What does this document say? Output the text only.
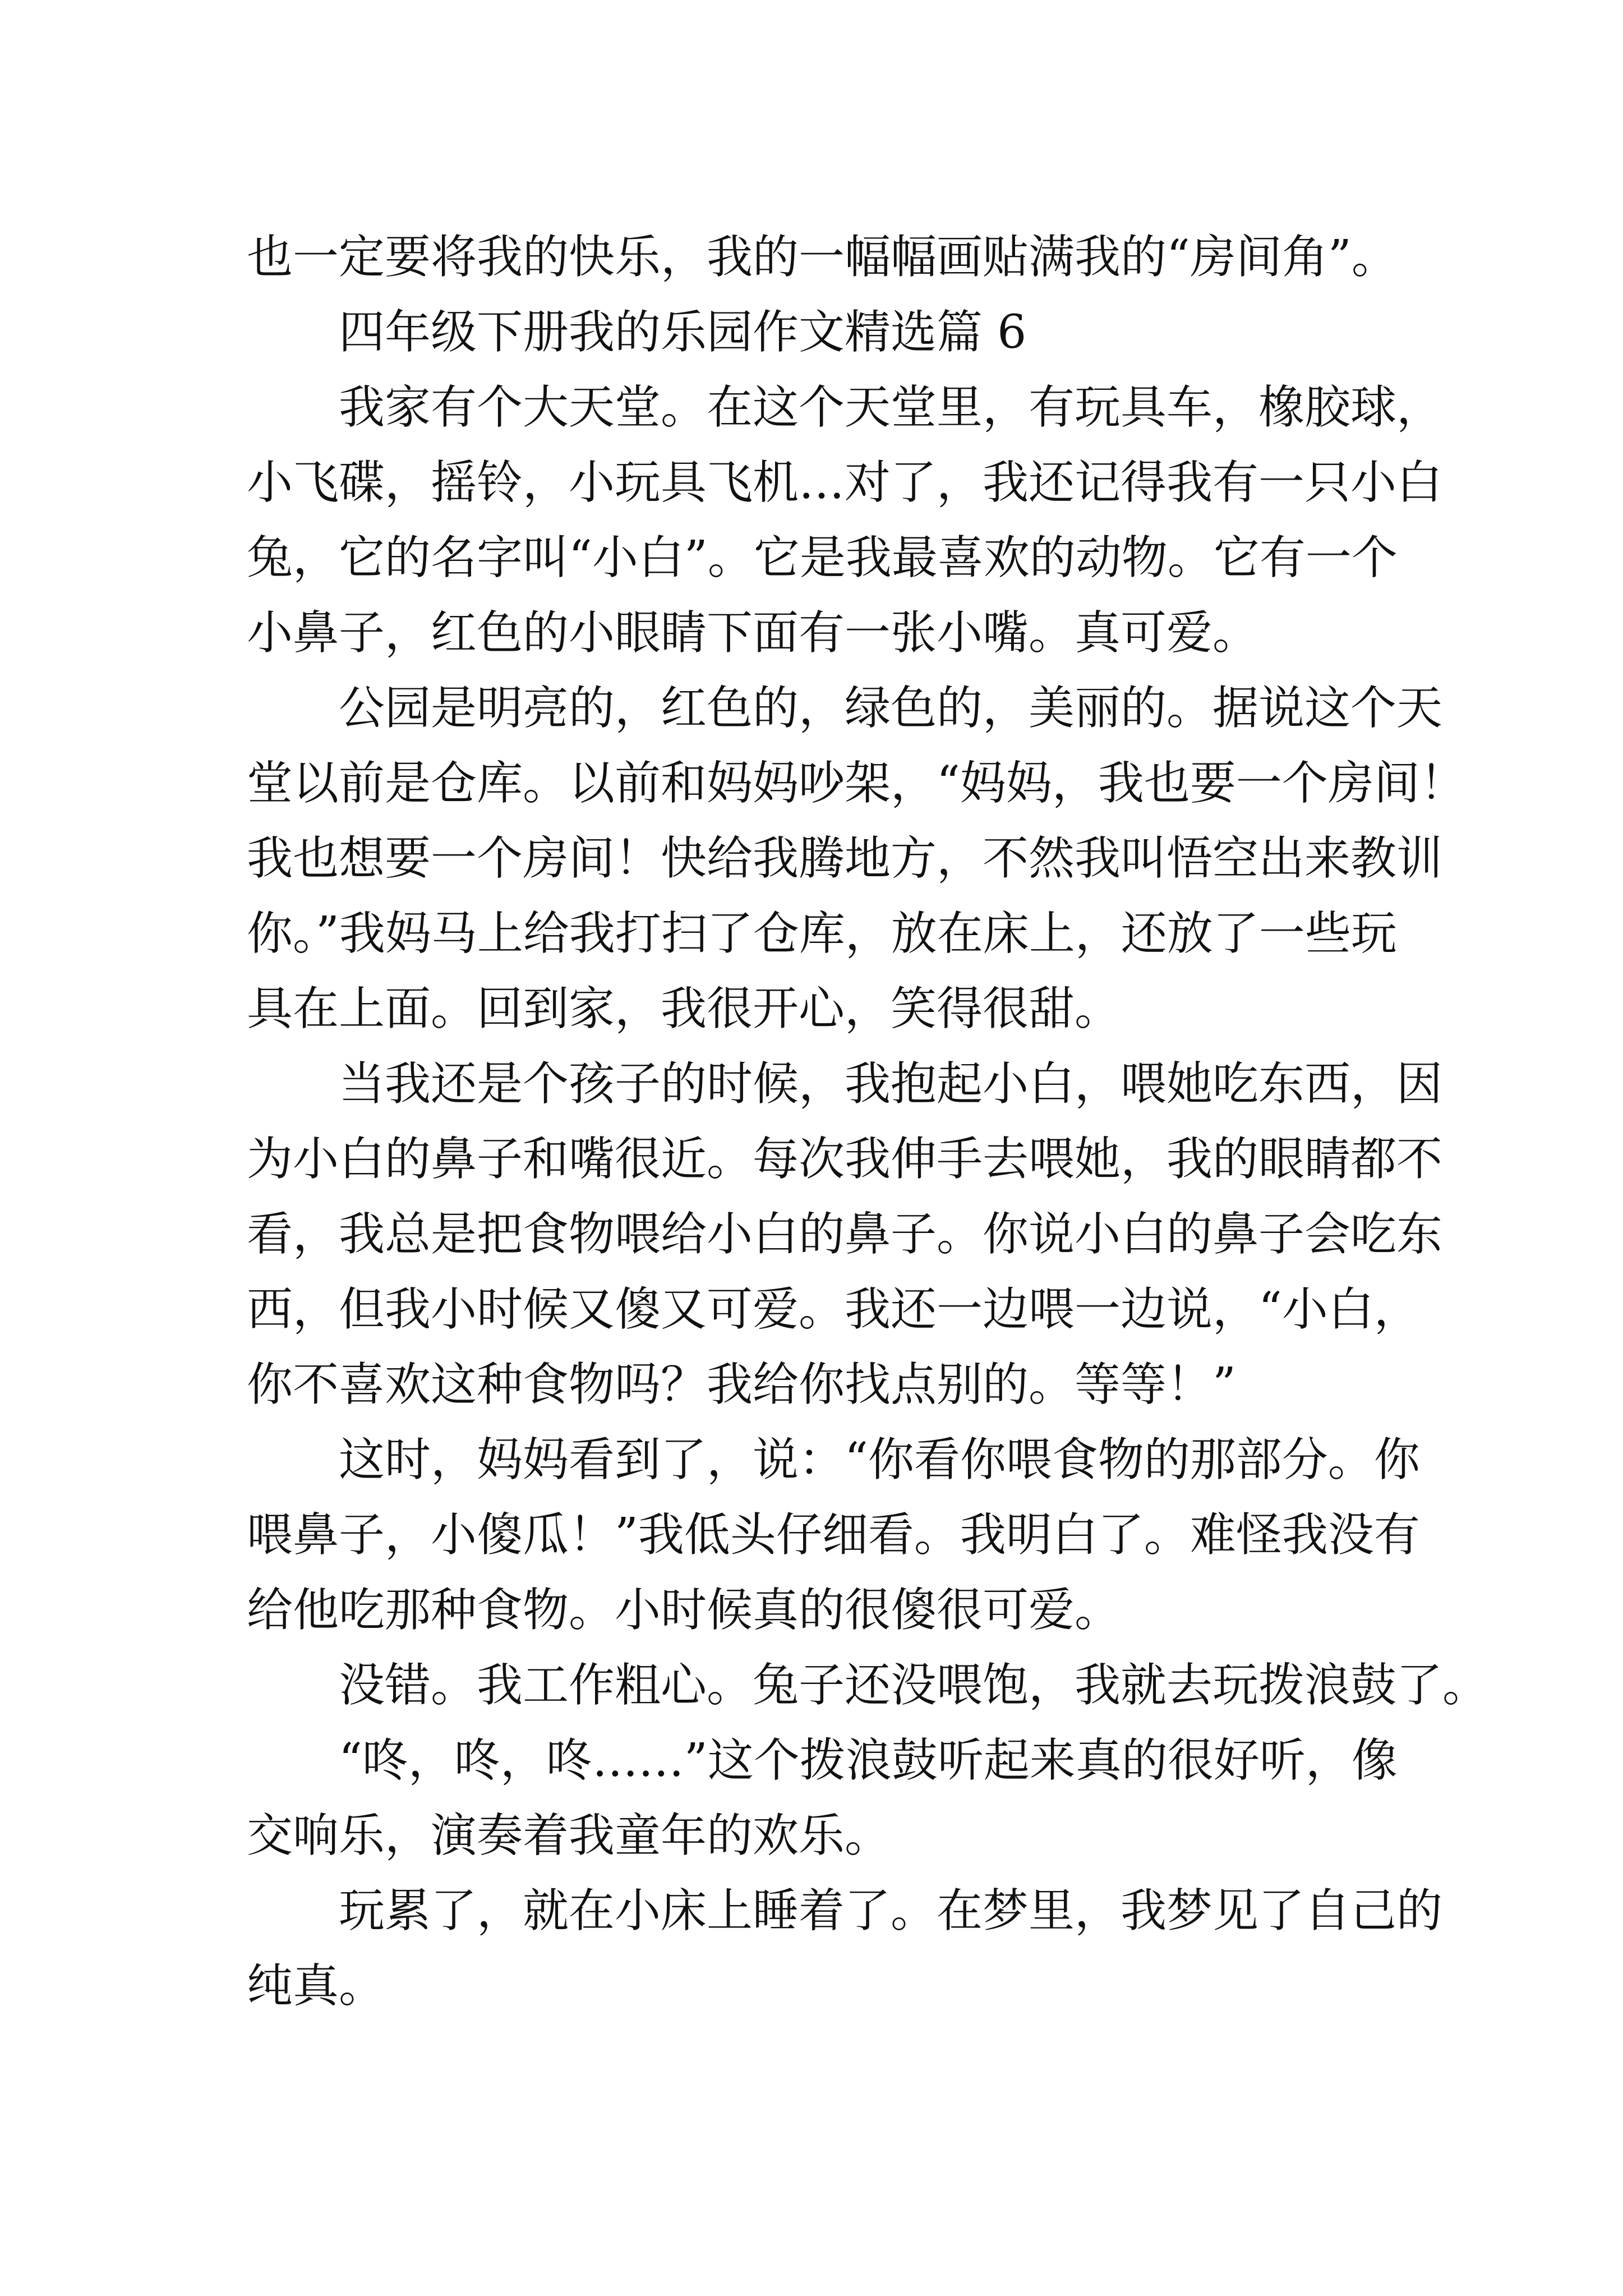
也一定要将我的快乐，我的一幅幅画贴满我的“房间角”。
四年级下册我的乐园作文精选篇 6
我家有个大天堂。在这个天堂里，有玩具车，橡胶球，
小飞碟，摇铃，小玩具飞机…对了，我还记得我有一只小白
兔，它的名字叫“小白”。它是我最喜欢的动物。它有一个
小鼻子，红色的小眼睛下面有一张小嘴。真可爱。
公园是明亮的，红色的，绿色的，美丽的。据说这个天
堂以前是仓库。以前和妈妈吵架，“妈妈，我也要一个房间！
我也想要一个房间！快给我腾地方，不然我叫悟空出来教训
你。”我妈马上给我打扫了仓库，放在床上，还放了一些玩
具在上面。回到家，我很开心，笑得很甜。
当我还是个孩子的时候，我抱起小白，喂她吃东西，因
为小白的鼻子和嘴很近。每次我伸手去喂她，我的眼睛都不
看，我总是把食物喂给小白的鼻子。你说小白的鼻子会吃东
西，但我小时候又傻又可爱。我还一边喂一边说，“小白，
你不喜欢这种食物吗？我给你找点别的。等等！”
这时，妈妈看到了，说：“你看你喂食物的那部分。你
喂鼻子，小傻瓜！”我低头仔细看。我明白了。难怪我没有
给他吃那种食物。小时候真的很傻很可爱。
没错。我工作粗心。兔子还没喂饱，我就去玩拨浪鼓了。
“咚，咚，咚……”这个拨浪鼓听起来真的很好听，像
交响乐，演奏着我童年的欢乐。
玩累了，就在小床上睡着了。在梦里，我梦见了自己的
纯真。
